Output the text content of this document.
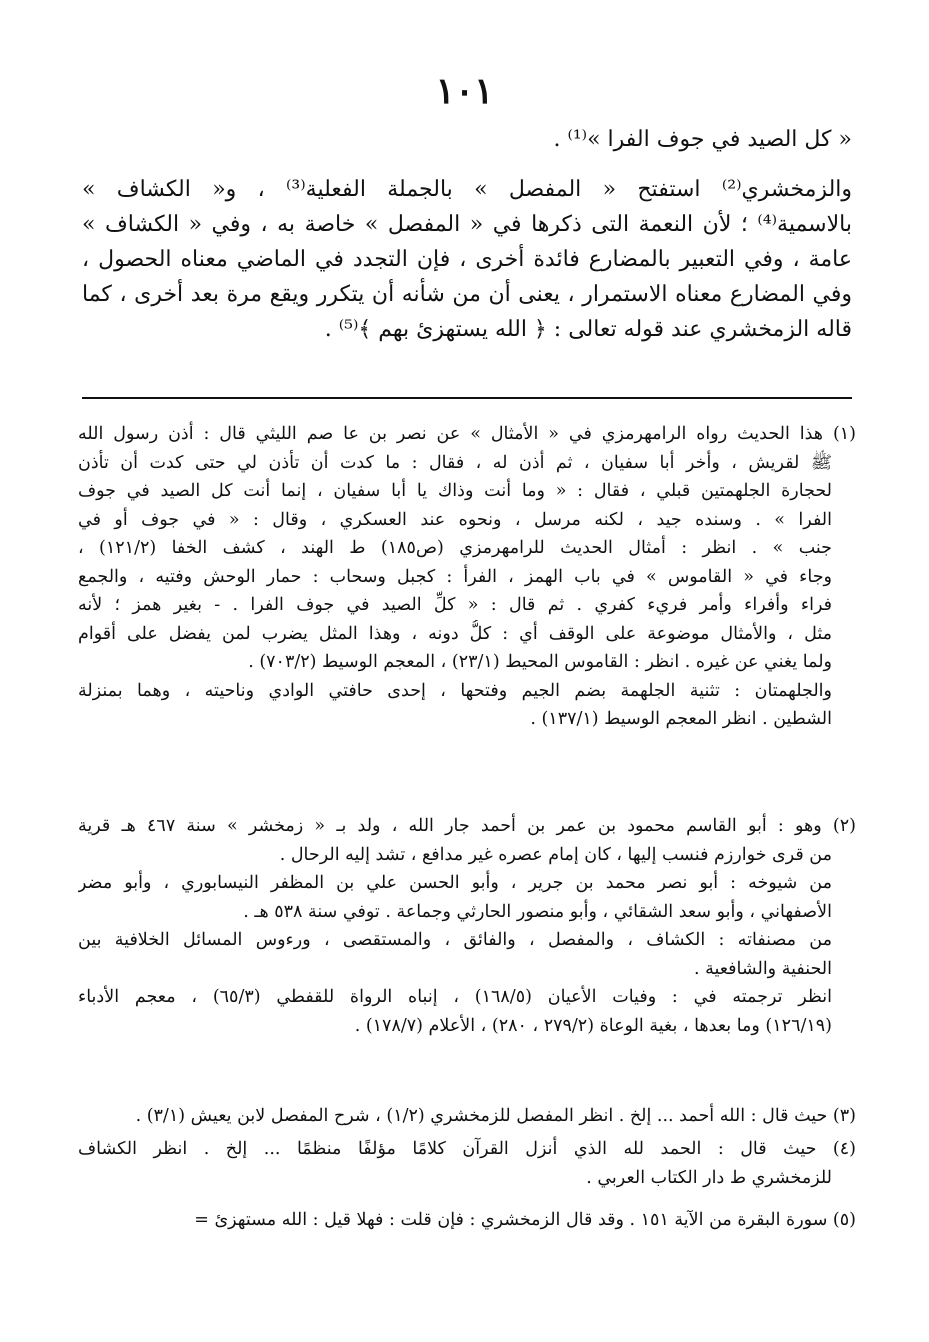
١٠١
« كل الصيد في جوف الفرا »⁽¹⁾ .
والزمخشري⁽²⁾ استفتح « المفصل » بالجملة الفعلية⁽³⁾ ، و« الكشاف »
بالاسمية⁽⁴⁾ ؛ لأن النعمة التى ذكرها في « المفصل » خاصة به ، وفي « الكشاف »
عامة ، وفي التعبير بالمضارع فائدة أخرى ، فإن التجدد في الماضي معناه الحصول ،
وفي المضارع معناه الاستمرار ، يعنى أن من شأنه أن يتكرر ويقع مرة بعد أخرى ، كما
قاله الزمخشري عند قوله تعالى : ﴿ الله يستهزئ بهم ﴾⁽⁵⁾ .
(١) هذا الحديث رواه الرامهرمزي في « الأمثال » عن نصر بن عا صم الليثي قال : أذن رسول الله
ﷺ لقريش ، وأخر أبا سفيان ، ثم أذن له ، فقال : ما كدت أن تأذن لي حتى كدت أن تأذن
لحجارة الجلهمتين قبلي ، فقال : « وما أنت وذاك يا أبا سفيان ، إنما أنت كل الصيد في جوف
الفرا » . وسنده جيد ، لكنه مرسل ، ونحوه عند العسكري ، وقال : « في جوف أو في
جنب » . انظر : أمثال الحديث للرامهرمزي (ص١٨٥) ط الهند ، كشف الخفا (١٢١/٢) ،
وجاء في « القاموس » في باب الهمز ، الفرأ : كجبل وسحاب : حمار الوحش وفتيه ، والجمع
فراء وأفراء وأمر فريء كفري . ثم قال : « كلِّ الصيد في جوف الفرا . - بغير همز ؛ لأنه
مثل ، والأمثال موضوعة على الوقف أي : كلُّ دونه ، وهذا المثل يضرب لمن يفضل على أقوام
ولما يغني عن غيره . انظر : القاموس المحيط (٢٣/١) ، المعجم الوسيط (٧٠٣/٢) .
والجلهمتان : تثنية الجلهمة بضم الجيم وفتحها ، إحدى حافتي الوادي وناحيته ، وهما بمنزلة
الشطين . انظر المعجم الوسيط (١٣٧/١) .
(٢) وهو : أبو القاسم محمود بن عمر بن أحمد جار الله ، ولد بـ « زمخشر » سنة ٤٦٧ هـ قرية
من قرى خوارزم فنسب إليها ، كان إمام عصره غير مدافع ، تشد إليه الرحال .
من شيوخه : أبو نصر محمد بن جرير ، وأبو الحسن علي بن المظفر النيسابوري ، وأبو مضر
الأصفهاني ، وأبو سعد الشقائي ، وأبو منصور الحارثي وجماعة . توفي سنة ٥٣٨ هـ .
من مصنفاته : الكشاف ، والمفصل ، والفائق ، والمستقصى ، ورءوس المسائل الخلافية بين
الحنفية والشافعية .
انظر ترجمته في : وفيات الأعيان (١٦٨/٥) ، إنباه الرواة للقفطي (٦٥/٣) ، معجم الأدباء
(١٢٦/١٩) وما بعدها ، بغية الوعاة (٢٧٩/٢ ، ٢٨٠) ، الأعلام (١٧٨/٧) .
(٣) حيث قال : الله أحمد ... إلخ . انظر المفصل للزمخشري (١/٢) ، شرح المفصل لابن يعيش (٣/١) .
(٤) حيث قال : الحمد لله الذي أنزل القرآن كلامًا مؤلفًا منظمًا ... إلخ . انظر الكشاف
للزمخشري ط دار الكتاب العربي .
(٥) سورة البقرة من الآية ١٥١ . وقد قال الزمخشري : فإن قلت : فهلا قيل : الله مستهزئ =
